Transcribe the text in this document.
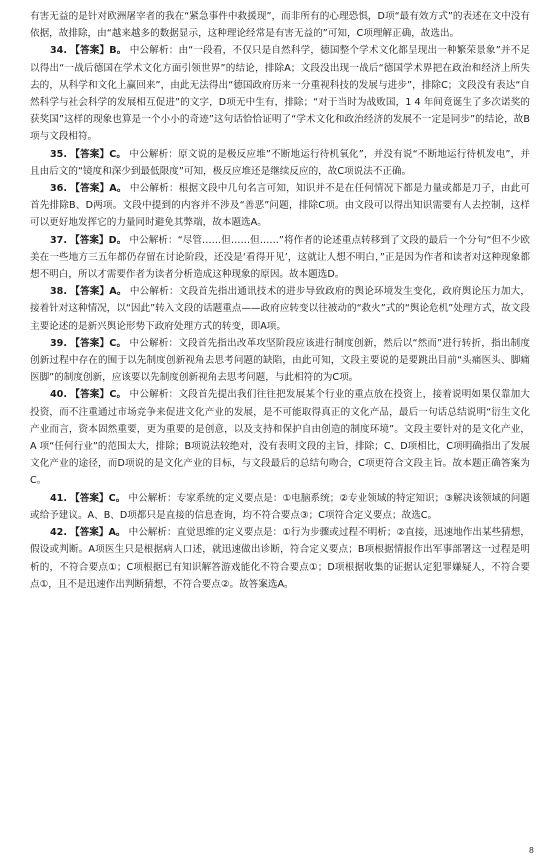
有害无益的是针对欧洲屠宰者的我在“紧急事件中救援现”，而非所有的心理恐惧，D项“最有效方式”的表述在文中没有依据，故排除，由“越来越多的数据显示，这种理论经常是有害无益的”可知，C项理解正确，故选出。

34. 【答案】B。 中公解析：由“一段看，不仅只是自然科学，德国整个学术文化都呈现出一种繁荣景象”并不足以得出“一战后德国在学术文化方面引领世界”的结论，排除A；文段没出现一战后“德国学术界把在政治和经济上所失去的，从科学和文化上赢回来”，由此无法得出“德国政府历来一分重视科技的发展与进步”，排除C；文段没有表达“自然科学与社会科学的发展相互促进”的文字，D项无中生有，排除；“对于当时为战败国，1 4 年间竟诞生了多次诺奖的获奖国”这样的现象也算是一个小小的奇迹”这句话恰恰证明了“学术文化和政治经济的发展不一定是同步”的结论，故B项与文段相符。

35. 【答案】C。 中公解析：原文说的是极反应堆”不断地运行待机氧化”，并没有说“不断地运行待机发电”，并且由后文的“镜度和深少到最低限度”可知，极反应堆还是继续反应的，故C项说法不正确。

36. 【答案】A。 中公解析：根据文段中几句名言可知，知识并不是在任何情况下都是力量或都是刀子，由此可首先排除B、D两项。文段中提到的内容并不涉及“善恶”问题，排除C项。由文段可以得出知识需要有人去控制，这样可以更好地发挥它的力量同时避免其弊端，故本题选A。

37. 【答案】D。 中公解析：“尽管……但……但……”将作者的论述重点转移到了文段的最后一个分句“但不少欧美在一些地方三五年都仍存留在讨论阶段，还没是‘看得开见’，这就让人想不明白，”正是因为作者和读者对这种现象都想不明白，所以才需要作者为读者分析造成这种现象的原因。故本题选D。

38. 【答案】A。 中公解析：文段首先指出通讯技术的进步导致政府的舆论环境发生变化，政府舆论压力加大，接着针对这种情况，以“因此”转入文段的话题重点——政府应转变以往被动的“救火”式的“舆论危机”处理方式，故文段主要论述的是新兴舆论形势下政府处理方式的转变，即A项。

39. 【答案】C。 中公解析：文段首先指出改革攻坚阶段应该进行制度创新，然后以“然而”进行转折，指出制度创新过程中存在的囿于以先制度创新视角去思考问题的缺陷，由此可知，文段主要说的是要跳出目前“头痛医头、脚痛医脚”的制度创新，应该要以先制度创新视角去思考问题，与此相符的为C项。

40. 【答案】C。 中公解析：文段首先提出我们往往把发展某个行业的重点放在投资上，接着说明如果仅靠加大投资，而不注重通过市场竞争来促进文化产业的发展，是不可能取得真正的文化产品，最后一句话总结说明“衍生文化产业而言，资本固然重要，更为重要的是创意，以及支持和保护自由创造的制度环境”。文段主要针对的是文化产业，A 项“任何行业”的范围太大，排除；B项说法较绝对，没有表明文段的主旨，排除；C、D项相比，C项明确指出了发展文化产业的途径，而D项说的是文化产业的目标，与文段最后的总结句吻合，C项更符合文段主旨。故本题正确答案为C。

41. 【答案】C。 中公解析：专家系统的定义要点是：①电脑系统；②专业领域的特定知识；③解决该领域的问题或给予建议。A、B、D项都只是直接的信息查询，均不符合要点③；C项符合定义要点；故选C。

42. 【答案】A。 中公解析：直觉思维的定义要点是：①行为步骤或过程不明析；②直接，迅速地作出某些猜想，假设或判断。A项医生只是根据病人口述，就迅速做出诊断，符合定义要点；B项根据情报作出军事部署这一过程是明析的，不符合要点①；C项根据已有知识解答游戏能化不符合要点①；D项根据收集的证据认定犯罪嫌疑人，不符合要点①，且不是迅速作出判断猜想，不符合要点②。故答案选A。

8
